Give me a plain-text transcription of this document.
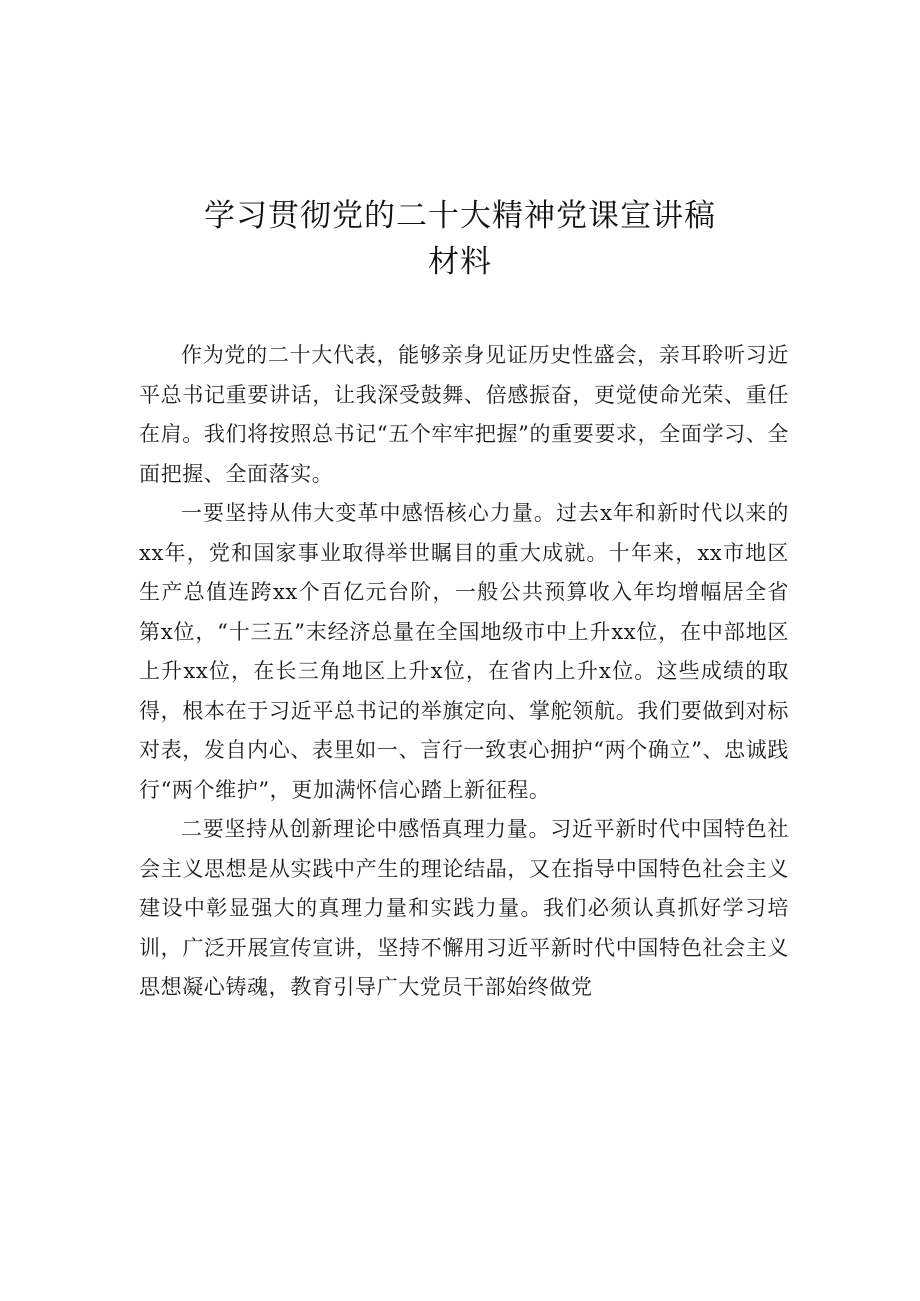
学习贯彻党的二十大精神党课宣讲稿
材料

作为党的二十大代表，能够亲身见证历史性盛会，亲耳聆听习近平总书记重要讲话，让我深受鼓舞、倍感振奋，更觉使命光荣、重任在肩。我们将按照总书记“五个牢牢把握”的重要要求，全面学习、全面把握、全面落实。

一要坚持从伟大变革中感悟核心力量。过去x年和新时代以来的xx年，党和国家事业取得举世瞩目的重大成就。十年来，xx市地区生产总值连跨xx个百亿元台阶，一般公共预算收入年均增幅居全省第x位，“十三五”末经济总量在全国地级市中上升xx位，在中部地区上升xx位，在长三角地区上升x位，在省内上升x位。这些成绩的取得，根本在于习近平总书记的举旗定向、掌舵领航。我们要做到对标对表，发自内心、表里如一、言行一致衷心拥护“两个确立”、忠诚践行“两个维护”，更加满怀信心踏上新征程。

二要坚持从创新理论中感悟真理力量。习近平新时代中国特色社会主义思想是从实践中产生的理论结晶，又在指导中国特色社会主义建设中彰显强大的真理力量和实践力量。我们必须认真抓好学习培训，广泛开展宣传宣讲，坚持不懈用习近平新时代中国特色社会主义思想凝心铸魂，教育引导广大党员干部始终做党
